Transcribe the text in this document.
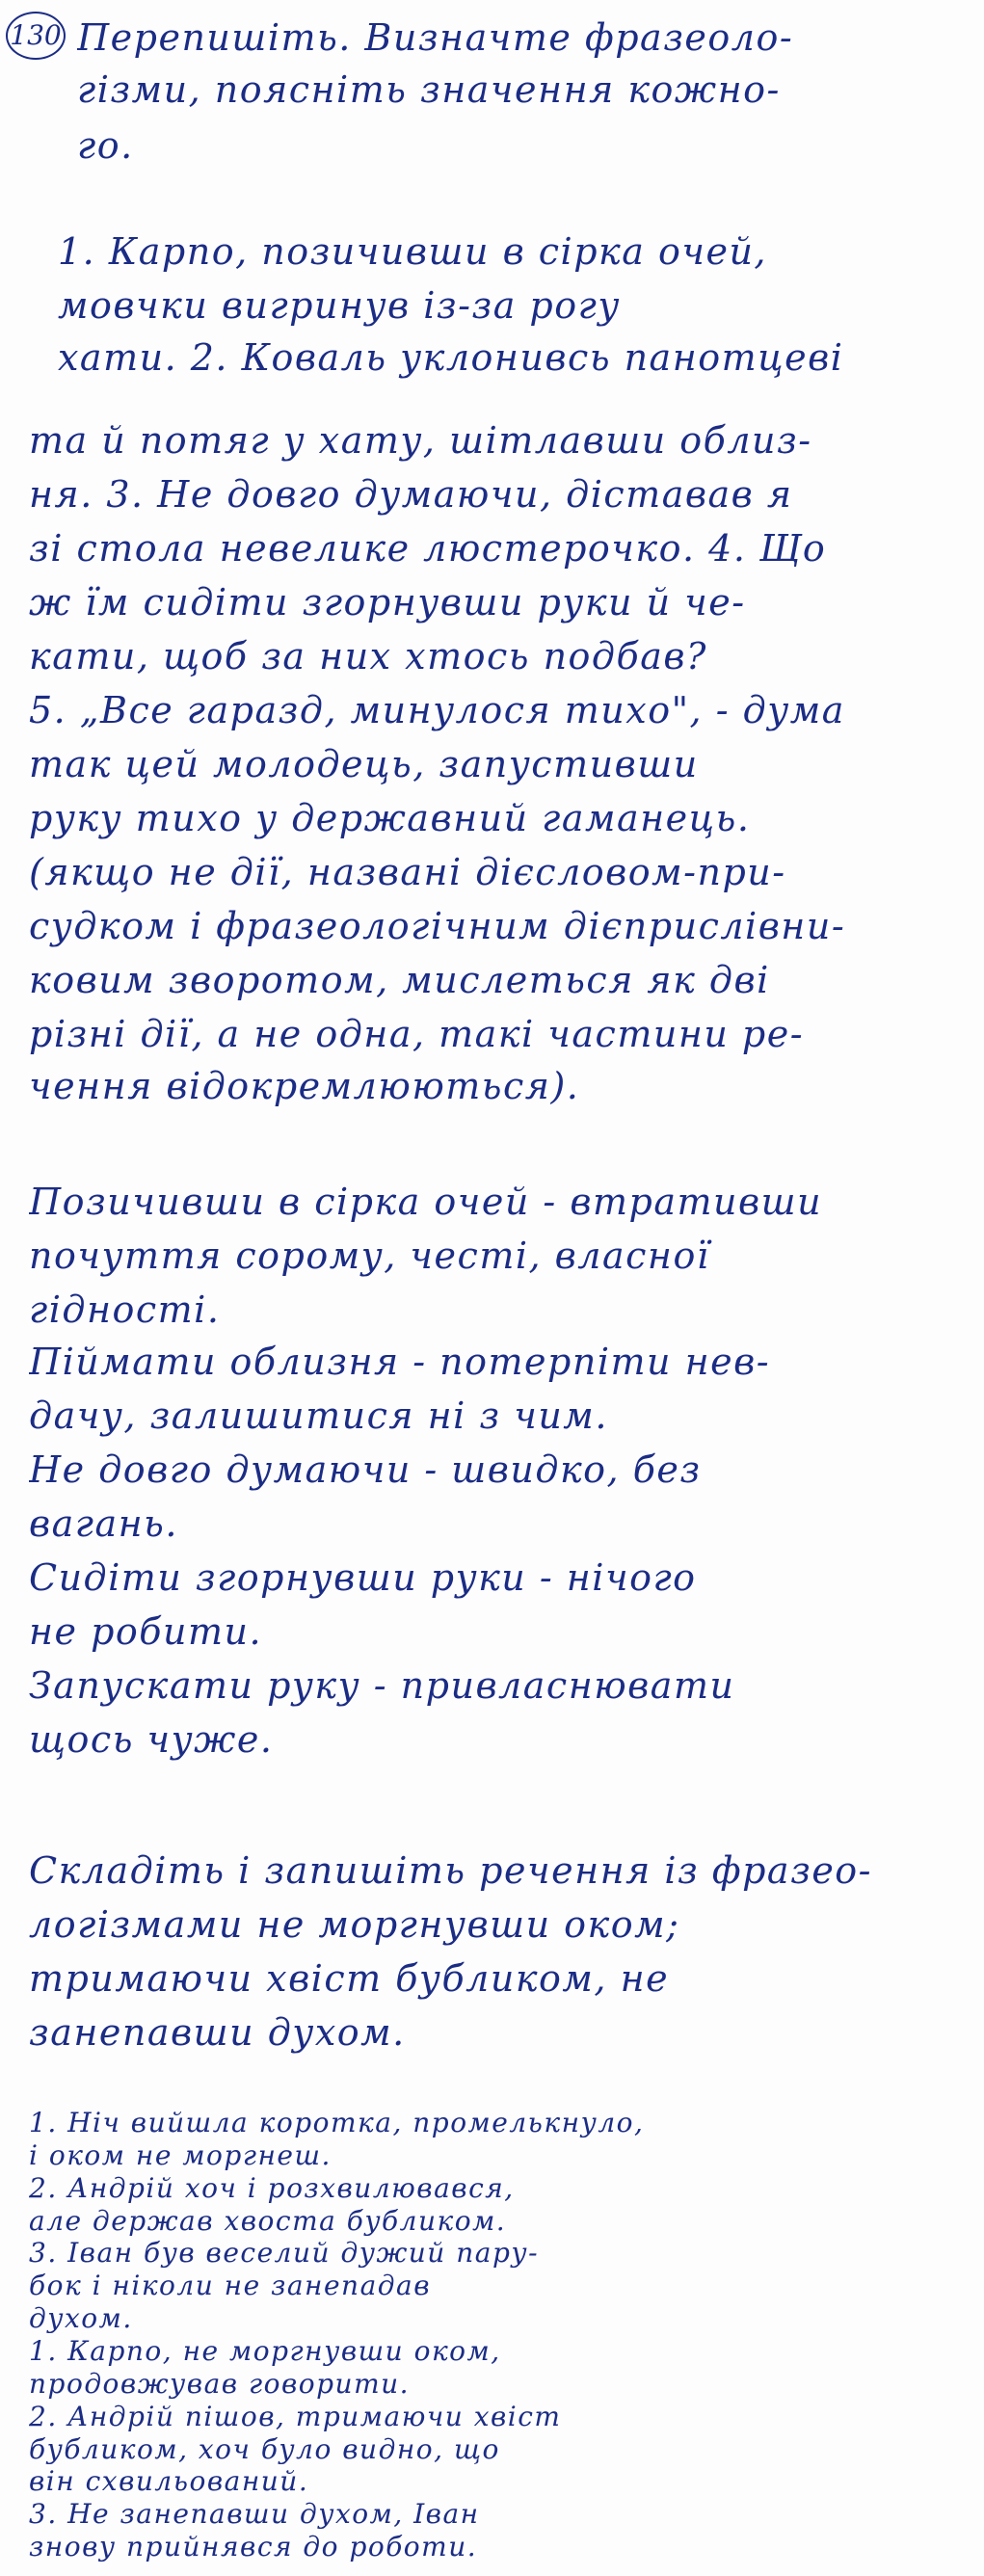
130 Перепишіть. Визначте фразеоло-
гізми, поясніть значення кожно-
го.
1. Карпо, позичивши в сірка очей,
мовчки вигринув із-за рогу
хати. 2. Коваль уклонивсь панотцеві
та й потяг у хату, шітлавши облиз-
ня. 3. Не довго думаючи, діставав я
зі стола невелике люстерочко. 4. Що
ж їм сидіти згорнувши руки й че-
кати, щоб за них хтось подбав?
5. „Все гаразд, минулося тихо", - дума
так цей молодець, запустивши
руку тихо у державний гаманець.
(якщо не дії, названі дієсловом-при-
судком і фразеологічним дієприслівни-
ковим зворотом, мислеться як дві
різні дії, а не одна, такі частини ре-
чення відокремлюються).
Позичивши в сірка очей - втративши
почуття сорому, честі, власної
гідності.
Піймати облизня - потерпіти нев-
дачу, залишитися ні з чим.
Не довго думаючи - швидко, без
вагань.
Сидіти згорнувши руки - нічого
не робити.
Запускати руку - привласнювати
щось чуже.
Складіть і запишіть речення із фразео-
логізмами не моргнувши оком;
тримаючи хвіст бубликом, не
занепавши духом.
1. Ніч вийшла коротка, промелькнуло,
і оком не моргнеш.
2. Андрій хоч і розхвилювався,
але держав хвоста бубликом.
3. Іван був веселий дужий пару-
бок і ніколи не занепадав
духом.
1. Карпо, не моргнувши оком,
продовжував говорити.
2. Андрій пішов, тримаючи хвіст
бубликом, хоч було видно, що
він схвильований.
3. Не занепавши духом, Іван
знову прийнявся до роботи.
